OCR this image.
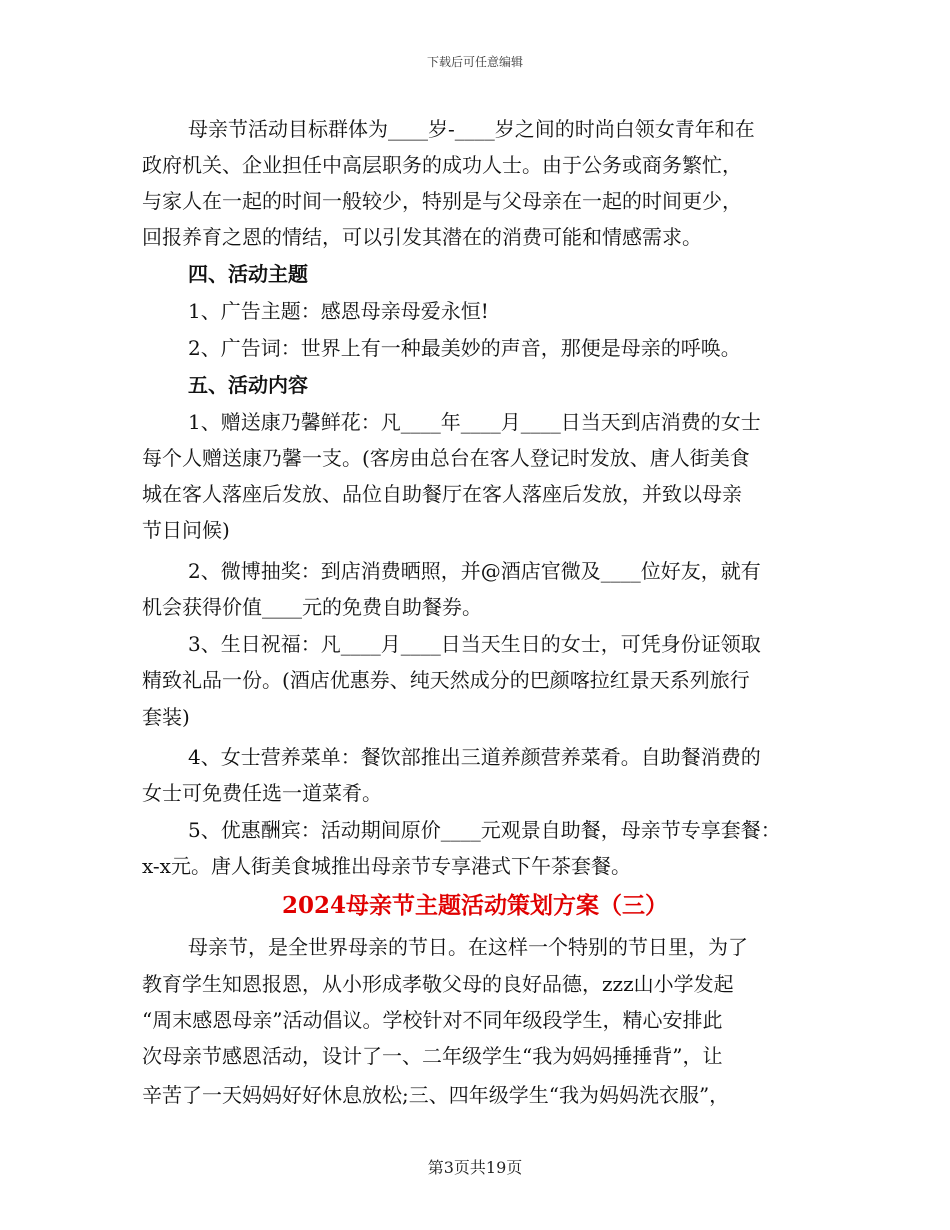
下载后可任意编辑
母亲节活动目标群体为____岁-____岁之间的时尚白领女青年和在
政府机关、企业担任中高层职务的成功人士。由于公务或商务繁忙，
与家人在一起的时间一般较少，特别是与父母亲在一起的时间更少，
回报养育之恩的情结，可以引发其潜在的消费可能和情感需求。
四、活动主题
1、广告主题：感恩母亲母爱永恒!
2、广告词：世界上有一种最美妙的声音，那便是母亲的呼唤。
五、活动内容
1、赠送康乃馨鲜花：凡____年____月____日当天到店消费的女士
每个人赠送康乃馨一支。(客房由总台在客人登记时发放、唐人街美食
城在客人落座后发放、品位自助餐厅在客人落座后发放，并致以母亲
节日问候)
2、微博抽奖：到店消费晒照，并@酒店官微及____位好友，就有
机会获得价值____元的免费自助餐券。
3、生日祝福：凡____月____日当天生日的女士，可凭身份证领取
精致礼品一份。(酒店优惠券、纯天然成分的巴颜喀拉红景天系列旅行
套装)
4、女士营养菜单：餐饮部推出三道养颜营养菜肴。自助餐消费的
女士可免费任选一道菜肴。
5、优惠酬宾：活动期间原价____元观景自助餐，母亲节专享套餐：
x-x元。唐人街美食城推出母亲节专享港式下午茶套餐。
2024母亲节主题活动策划方案（三）
母亲节，是全世界母亲的节日。在这样一个特别的节日里，为了
教育学生知恩报恩，从小形成孝敬父母的良好品德，zzz山小学发起
“周末感恩母亲”活动倡议。学校针对不同年级段学生，精心安排此
次母亲节感恩活动，设计了一、二年级学生“我为妈妈捶捶背”，让
辛苦了一天妈妈好好休息放松;三、四年级学生“我为妈妈洗衣服”，
第3页共19页
